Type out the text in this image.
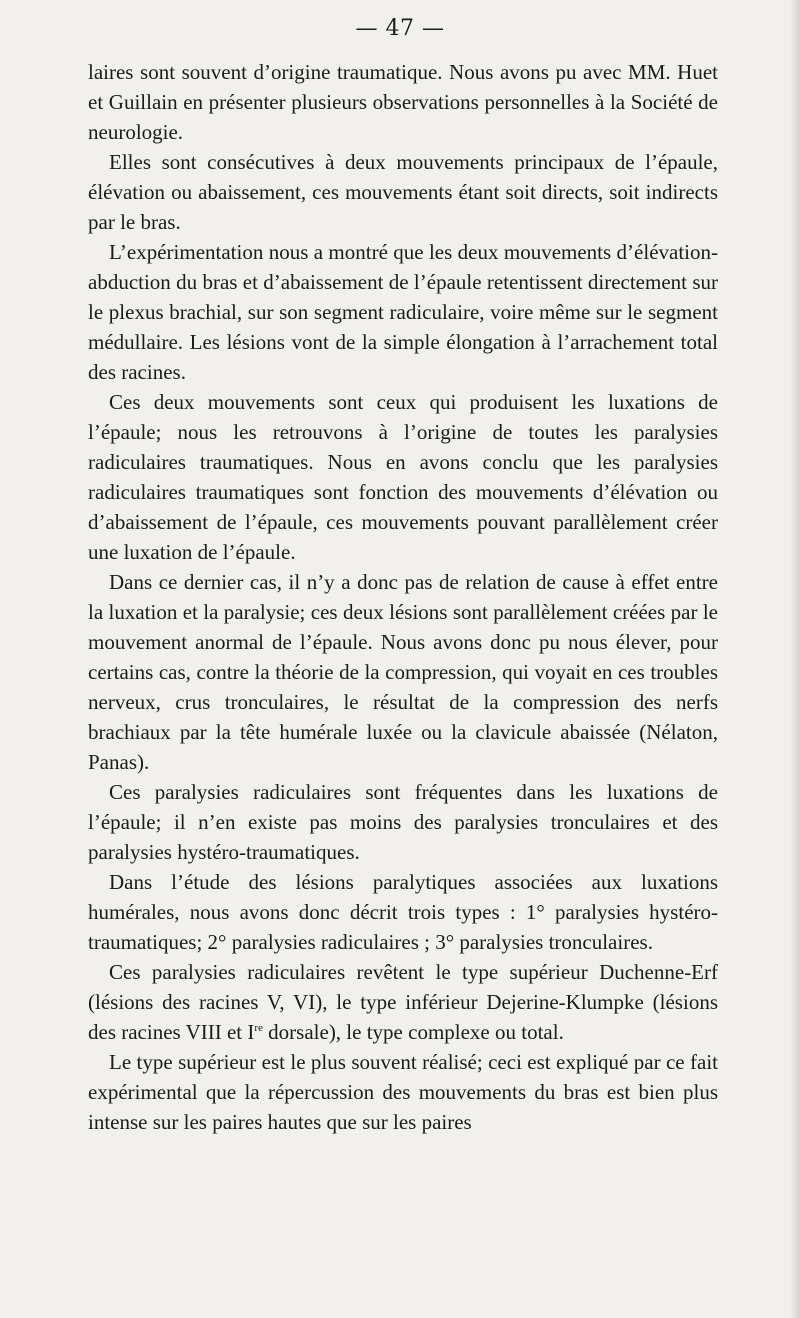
— 47 —

laires sont souvent d’origine traumatique. Nous avons pu avec MM. Huet et Guillain en présenter plusieurs observations personnelles à la Société de neurologie.

Elles sont consécutives à deux mouvements principaux de l’épaule, élévation ou abaissement, ces mouvements étant soit directs, soit indirects par le bras.

L’expérimentation nous a montré que les deux mouvements d’élévation-abduction du bras et d’abaissement de l’épaule retentissent directement sur le plexus brachial, sur son segment radiculaire, voire même sur le segment médullaire. Les lésions vont de la simple élongation à l’arrachement total des racines.

Ces deux mouvements sont ceux qui produisent les luxations de l’épaule; nous les retrouvons à l’origine de toutes les paralysies radiculaires traumatiques. Nous en avons conclu que les paralysies radiculaires traumatiques sont fonction des mouvements d’élévation ou d’abaissement de l’épaule, ces mouvements pouvant parallèlement créer une luxation de l’épaule.

Dans ce dernier cas, il n’y a donc pas de relation de cause à effet entre la luxation et la paralysie; ces deux lésions sont parallèlement créées par le mouvement anormal de l’épaule. Nous avons donc pu nous élever, pour certains cas, contre la théorie de la compression, qui voyait en ces troubles nerveux, crus tronculaires, le résultat de la compression des nerfs brachiaux par la tête humérale luxée ou la clavicule abaissée (Nélaton, Panas).

Ces paralysies radiculaires sont fréquentes dans les luxations de l’épaule; il n’en existe pas moins des paralysies tronculaires et des paralysies hystéro-traumatiques.

Dans l’étude des lésions paralytiques associées aux luxations humérales, nous avons donc décrit trois types : 1° paralysies hystéro-traumatiques; 2° paralysies radiculaires ; 3° paralysies tronculaires.

Ces paralysies radiculaires revêtent le type supérieur Duchenne-Erf (lésions des racines V, VI), le type inférieur Dejerine-Klumpke (lésions des racines VIII et Ire dorsale), le type complexe ou total.

Le type supérieur est le plus souvent réalisé; ceci est expliqué par ce fait expérimental que la répercussion des mouvements du bras est bien plus intense sur les paires hautes que sur les paires
